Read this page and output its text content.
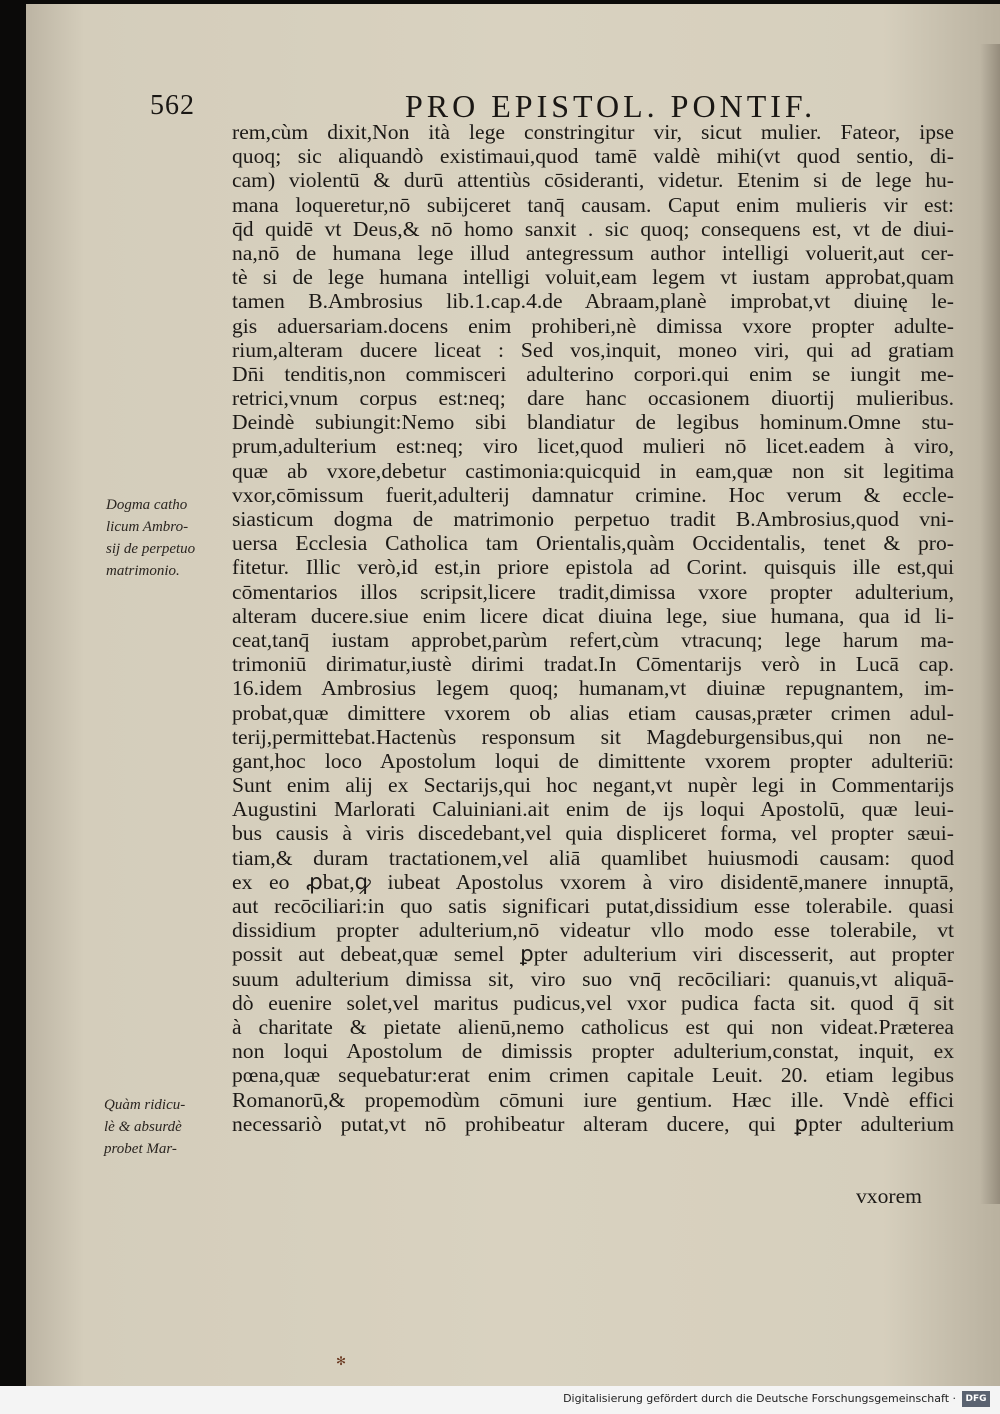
562	PRO EPISTOL. PONTIF.
Dogma catho
licum Ambro-
sij de perpetuo
matrimonio.
Quàm ridicu-
lè & absurdè
probet Mar-
rem,cùm dixit,Non ità lege constringitur vir, sicut mulier. Fateor, ipse
quoq; sic aliquandò existimaui,quod tamē valdè mihi(vt quod sentio, di-
cam) violentū & durū attentiùs cōsideranti, videtur. Etenim si de lege hu-
mana loqueretur,nō subijceret tanq̄ causam. Caput enim mulieris vir est:
q̄d quidē vt Deus,& nō homo sanxit . sic quoq; consequens est, vt de diui-
na,nō de humana lege illud antegressum author intelligi voluerit,aut cer-
tè si de lege humana intelligi voluit,eam legem vt iustam approbat,quam
tamen B.Ambrosius lib.1.cap.4.de Abraam,planè improbat,vt diuinę le-
gis aduersariam.docens enim prohiberi,nè dimissa vxore propter adulte-
rium,alteram ducere liceat : Sed vos,inquit, moneo viri, qui ad gratiam
Dn̄i tenditis,non commisceri adulterino corpori.qui enim se iungit me-
retrici,vnum corpus est:neq; dare hanc occasionem diuortij mulieribus.
Deindè subiungit:Nemo sibi blandiatur de legibus hominum.Omne stu-
prum,adulterium est:neq; viro licet,quod mulieri nō licet.eadem à viro,
quæ ab vxore,debetur castimonia:quicquid in eam,quæ non sit legitima
vxor,cōmissum fuerit,adulterij damnatur crimine. Hoc verum & eccle-
siasticum dogma de matrimonio perpetuo tradit B.Ambrosius,quod vni-
uersa Ecclesia Catholica tam Orientalis,quàm Occidentalis, tenet & pro-
fitetur. Illic verò,id est,in priore epistola ad Corint. quisquis ille est,qui
cōmentarios illos scripsit,licere tradit,dimissa vxore propter adulterium,
alteram ducere.siue enim licere dicat diuina lege, siue humana, qua id li-
ceat,tanq̄ iustam approbet,parùm refert,cùm vtracunq; lege harum ma-
trimoniū dirimatur,iustè dirimi tradat.In Cōmentarijs verò in Lucā cap.
16.idem Ambrosius legem quoq; humanam,vt diuinæ repugnantem, im-
probat,quæ dimittere vxorem ob alias etiam causas,præter crimen adul-
terij,permittebat.Hactenùs responsum sit Magdeburgensibus,qui non ne-
gant,hoc loco Apostolum loqui de dimittente vxorem propter adulteriū:
Sunt enim alij ex Sectarijs,qui hoc negant,vt nupèr legi in Commentarijs
Augustini Marlorati Caluiniani.ait enim de ijs loqui Apostolū, quæ leui-
bus causis à viris discedebant,vel quia displiceret forma, vel propter sæui-
tiam,& duram tractationem,vel aliā quamlibet huiusmodi causam: quod
ex eo ꝓbat,ꝙ iubeat Apostolus vxorem à viro disidentē,manere innuptā,
aut recōciliari:in quo satis significari putat,dissidium esse tolerabile. quasi
dissidium propter adulterium,nō videatur vllo modo esse tolerabile, vt
possit aut debeat,quæ semel ꝑpter adulterium viri discesserit, aut propter
suum adulterium dimissa sit, viro suo vnq̄ recōciliari: quanuis,vt aliquā-
dò euenire solet,vel maritus pudicus,vel vxor pudica facta sit. quod q̄ sit
à charitate & pietate alienū,nemo catholicus est qui non videat.Præterea
non loqui Apostolum de dimissis propter adulterium,constat, inquit, ex
pœna,quæ sequebatur:erat enim crimen capitale Leuit. 20. etiam legibus
Romanorū,& propemodùm cōmuni iure gentium. Hæc ille. Vndè effici
necessariò putat,vt nō prohibeatur alteram ducere, qui ꝑpter adulterium
vxorem
✻
Digitalisierung gefördert durch die Deutsche Forschungsgemeinschaft ·	DFG
